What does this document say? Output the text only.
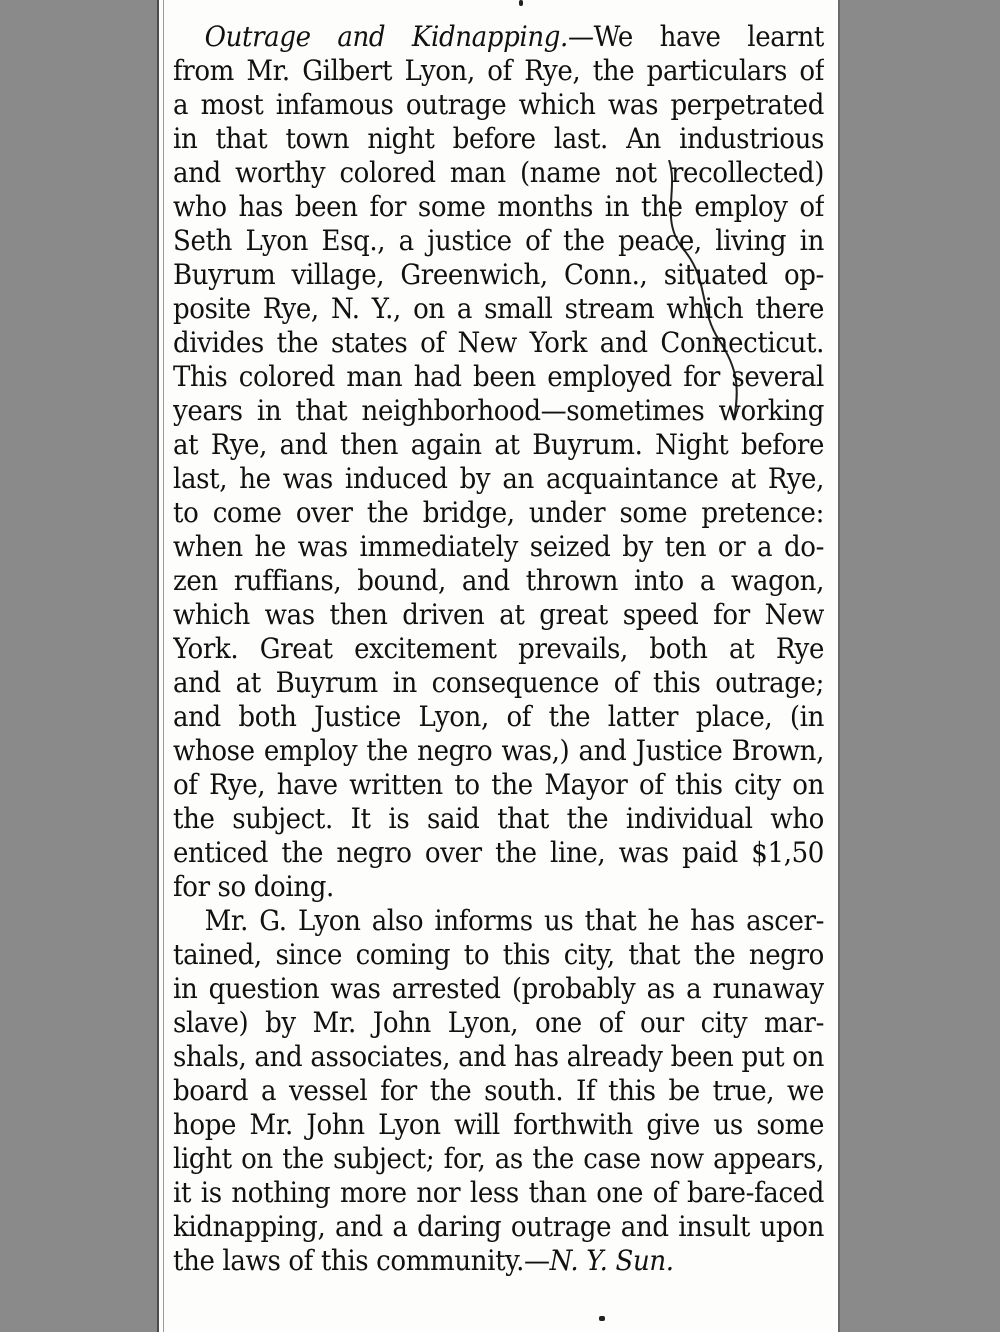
Outrage and Kidnapping.—We have learnt
from Mr. Gilbert Lyon, of Rye, the particulars of
a most infamous outrage which was perpetrated
in that town night before last. An industrious
and worthy colored man (name not recollected)
who has been for some months in the employ of
Seth Lyon Esq., a justice of the peace, living in
Buyrum village, Greenwich, Conn., situated op-
posite Rye, N. Y., on a small stream which there
divides the states of New York and Connecticut.
This colored man had been employed for several
years in that neighborhood—sometimes working
at Rye, and then again at Buyrum. Night before
last, he was induced by an acquaintance at Rye,
to come over the bridge, under some pretence:
when he was immediately seized by ten or a do-
zen ruffians, bound, and thrown into a wagon,
which was then driven at great speed for New
York. Great excitement prevails, both at Rye
and at Buyrum in consequence of this outrage;
and both Justice Lyon, of the latter place, (in
whose employ the negro was,) and Justice Brown,
of Rye, have written to the Mayor of this city on
the subject. It is said that the individual who
enticed the negro over the line, was paid $1,50
for so doing.
Mr. G. Lyon also informs us that he has ascer-
tained, since coming to this city, that the negro
in question was arrested (probably as a runaway
slave) by Mr. John Lyon, one of our city mar-
shals, and associates, and has already been put on
board a vessel for the south. If this be true, we
hope Mr. John Lyon will forthwith give us some
light on the subject; for, as the case now appears,
it is nothing more nor less than one of bare-faced
kidnapping, and a daring outrage and insult upon
the laws of this community.—N. Y. Sun.
